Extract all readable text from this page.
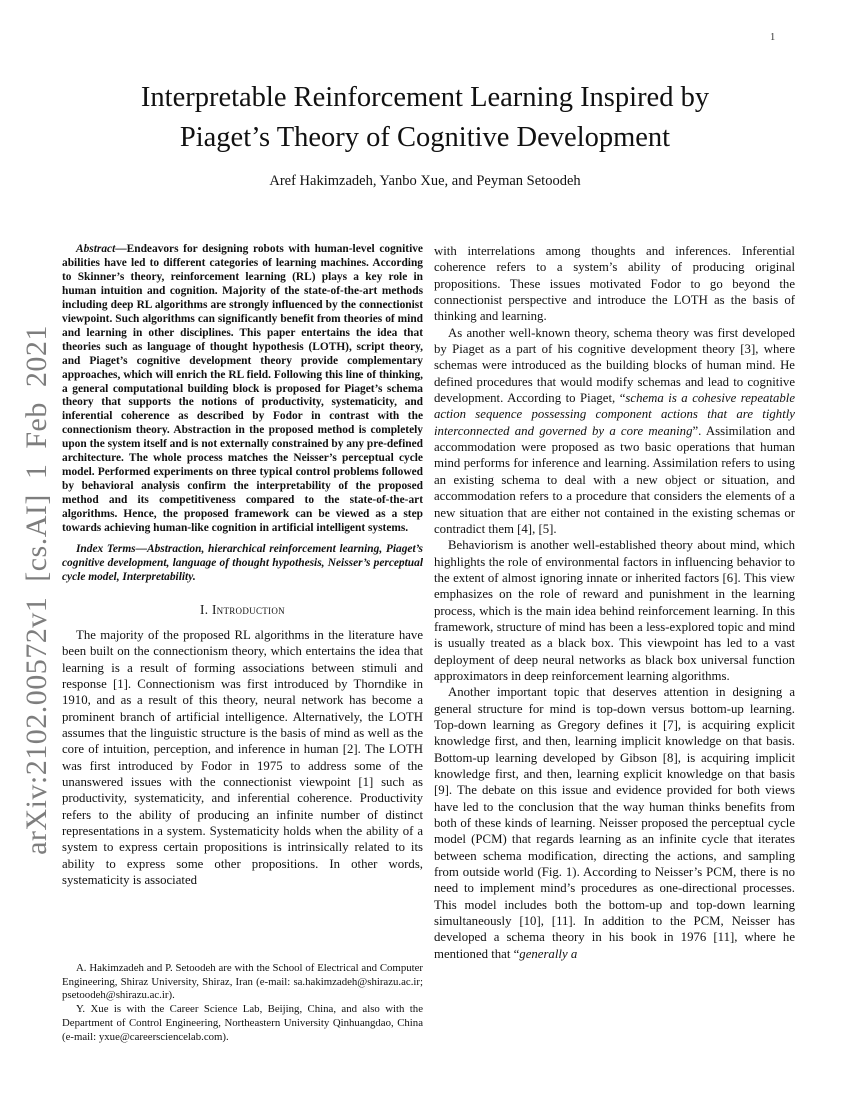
1
arXiv:2102.00572v1 [cs.AI] 1 Feb 2021
Interpretable Reinforcement Learning Inspired by
Piaget’s Theory of Cognitive Development
Aref Hakimzadeh, Yanbo Xue, and Peyman Setoodeh

Abstract—Endeavors for designing robots with human-level cognitive abilities have led to different categories of learning machines. According to Skinner’s theory, reinforcement learning (RL) plays a key role in human intuition and cognition. Majority of the state-of-the-art methods including deep RL algorithms are strongly influenced by the connectionist viewpoint. Such algorithms can significantly benefit from theories of mind and learning in other disciplines. This paper entertains the idea that theories such as language of thought hypothesis (LOTH), script theory, and Piaget’s cognitive development theory provide complementary approaches, which will enrich the RL field. Following this line of thinking, a general computational building block is proposed for Piaget’s schema theory that supports the notions of productivity, systematicity, and inferential coherence as described by Fodor in contrast with the connectionism theory. Abstraction in the proposed method is completely upon the system itself and is not externally constrained by any pre-defined architecture. The whole process matches the Neisser’s perceptual cycle model. Performed experiments on three typical control problems followed by behavioral analysis confirm the interpretability of the proposed method and its competitiveness compared to the state-of-the-art algorithms. Hence, the proposed framework can be viewed as a step towards achieving human-like cognition in artificial intelligent systems.

Index Terms—Abstraction, hierarchical reinforcement learning, Piaget’s cognitive development, language of thought hypothesis, Neisser’s perceptual cycle model, Interpretability.

I. Introduction

The majority of the proposed RL algorithms in the literature have been built on the connectionism theory, which entertains the idea that learning is a result of forming associations between stimuli and response [1]. Connectionism was first introduced by Thorndike in 1910, and as a result of this theory, neural network has become a prominent branch of artificial intelligence. Alternatively, the LOTH assumes that the linguistic structure is the basis of mind as well as the core of intuition, perception, and inference in human [2]. The LOTH was first introduced by Fodor in 1975 to address some of the unanswered issues with the connectionist viewpoint [1] such as productivity, systematicity, and inferential coherence. Productivity refers to the ability of producing an infinite number of distinct representations in a system. Systematicity holds when the ability of a system to express certain propositions is intrinsically related to its ability to express some other propositions. In other words, systematicity is associated

A. Hakimzadeh and P. Setoodeh are with the School of Electrical and Computer Engineering, Shiraz University, Shiraz, Iran (e-mail: sa.hakimzadeh@shirazu.ac.ir; psetoodeh@shirazu.ac.ir).

Y. Xue is with the Career Science Lab, Beijing, China, and also with the Department of Control Engineering, Northeastern University Qinhuangdao, China (e-mail: yxue@careersciencelab.com).

with interrelations among thoughts and inferences. Inferential coherence refers to a system’s ability of producing original propositions. These issues motivated Fodor to go beyond the connectionist perspective and introduce the LOTH as the basis of thinking and learning.

As another well-known theory, schema theory was first developed by Piaget as a part of his cognitive development theory [3], where schemas were introduced as the building blocks of human mind. He defined procedures that would modify schemas and lead to cognitive development. According to Piaget, “schema is a cohesive repeatable action sequence possessing component actions that are tightly interconnected and governed by a core meaning”. Assimilation and accommodation were proposed as two basic operations that human mind performs for inference and learning. Assimilation refers to using an existing schema to deal with a new object or situation, and accommodation refers to a procedure that considers the elements of a new situation that are either not contained in the existing schemas or contradict them [4], [5].

Behaviorism is another well-established theory about mind, which highlights the role of environmental factors in influencing behavior to the extent of almost ignoring innate or inherited factors [6]. This view emphasizes on the role of reward and punishment in the learning process, which is the main idea behind reinforcement learning. In this framework, structure of mind has been a less-explored topic and mind is usually treated as a black box. This viewpoint has led to a vast deployment of deep neural networks as black box universal function approximators in deep reinforcement learning algorithms.

Another important topic that deserves attention in designing a general structure for mind is top-down versus bottom-up learning. Top-down learning as Gregory defines it [7], is acquiring explicit knowledge first, and then, learning implicit knowledge on that basis. Bottom-up learning developed by Gibson [8], is acquiring implicit knowledge first, and then, learning explicit knowledge on that basis [9]. The debate on this issue and evidence provided for both views have led to the conclusion that the way human thinks benefits from both of these kinds of learning. Neisser proposed the perceptual cycle model (PCM) that regards learning as an infinite cycle that iterates between schema modification, directing the actions, and sampling from outside world (Fig. 1). According to Neisser’s PCM, there is no need to implement mind’s procedures as one-directional processes. This model includes both the bottom-up and top-down learning simultaneously [10], [11]. In addition to the PCM, Neisser has developed a schema theory in his book in 1976 [11], where he mentioned that “generally a
